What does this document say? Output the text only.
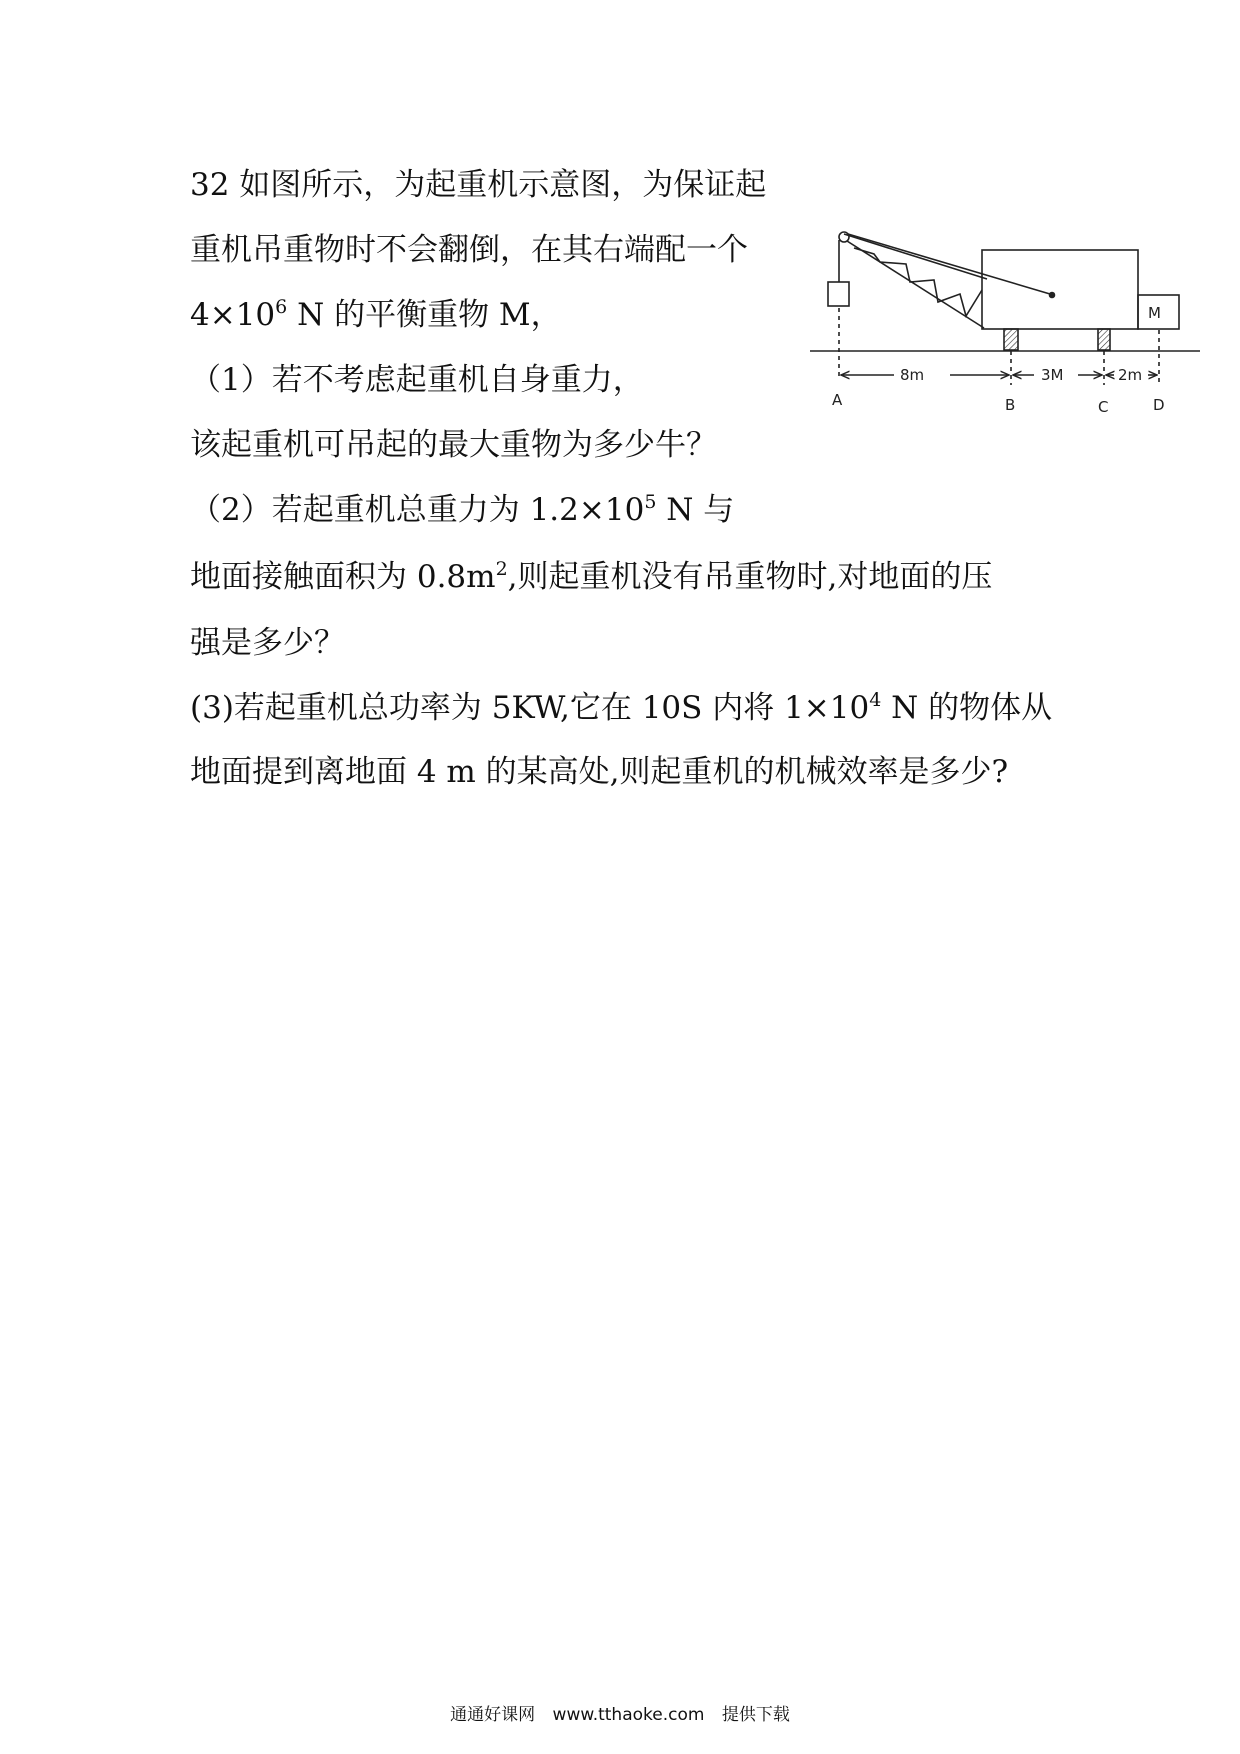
32 如图所示，为起重机示意图，为保证起
重机吊重物时不会翻倒，在其右端配一个
$4\times 10^6$ N 的平衡重物 M，
（1）若不考虑起重机自身重力，
该起重机可吊起的最大重物为多少牛？
（2）若起重机总重力为 $1.2\times 10^5$ N 与
地面接触面积为 $0.8m^2$,则起重机没有吊重物时,对地面的压
强是多少？
(3)若起重机总功率为 5KW,它在 10S 内将 $1\times 10^4$ N 的物体从
地面提到离地面 4 m 的某高处,则起重机的机械效率是多少?
M
8m	3M	2m
A	B	C	D
通通好课网 www.tthaoke.com 提供下载
